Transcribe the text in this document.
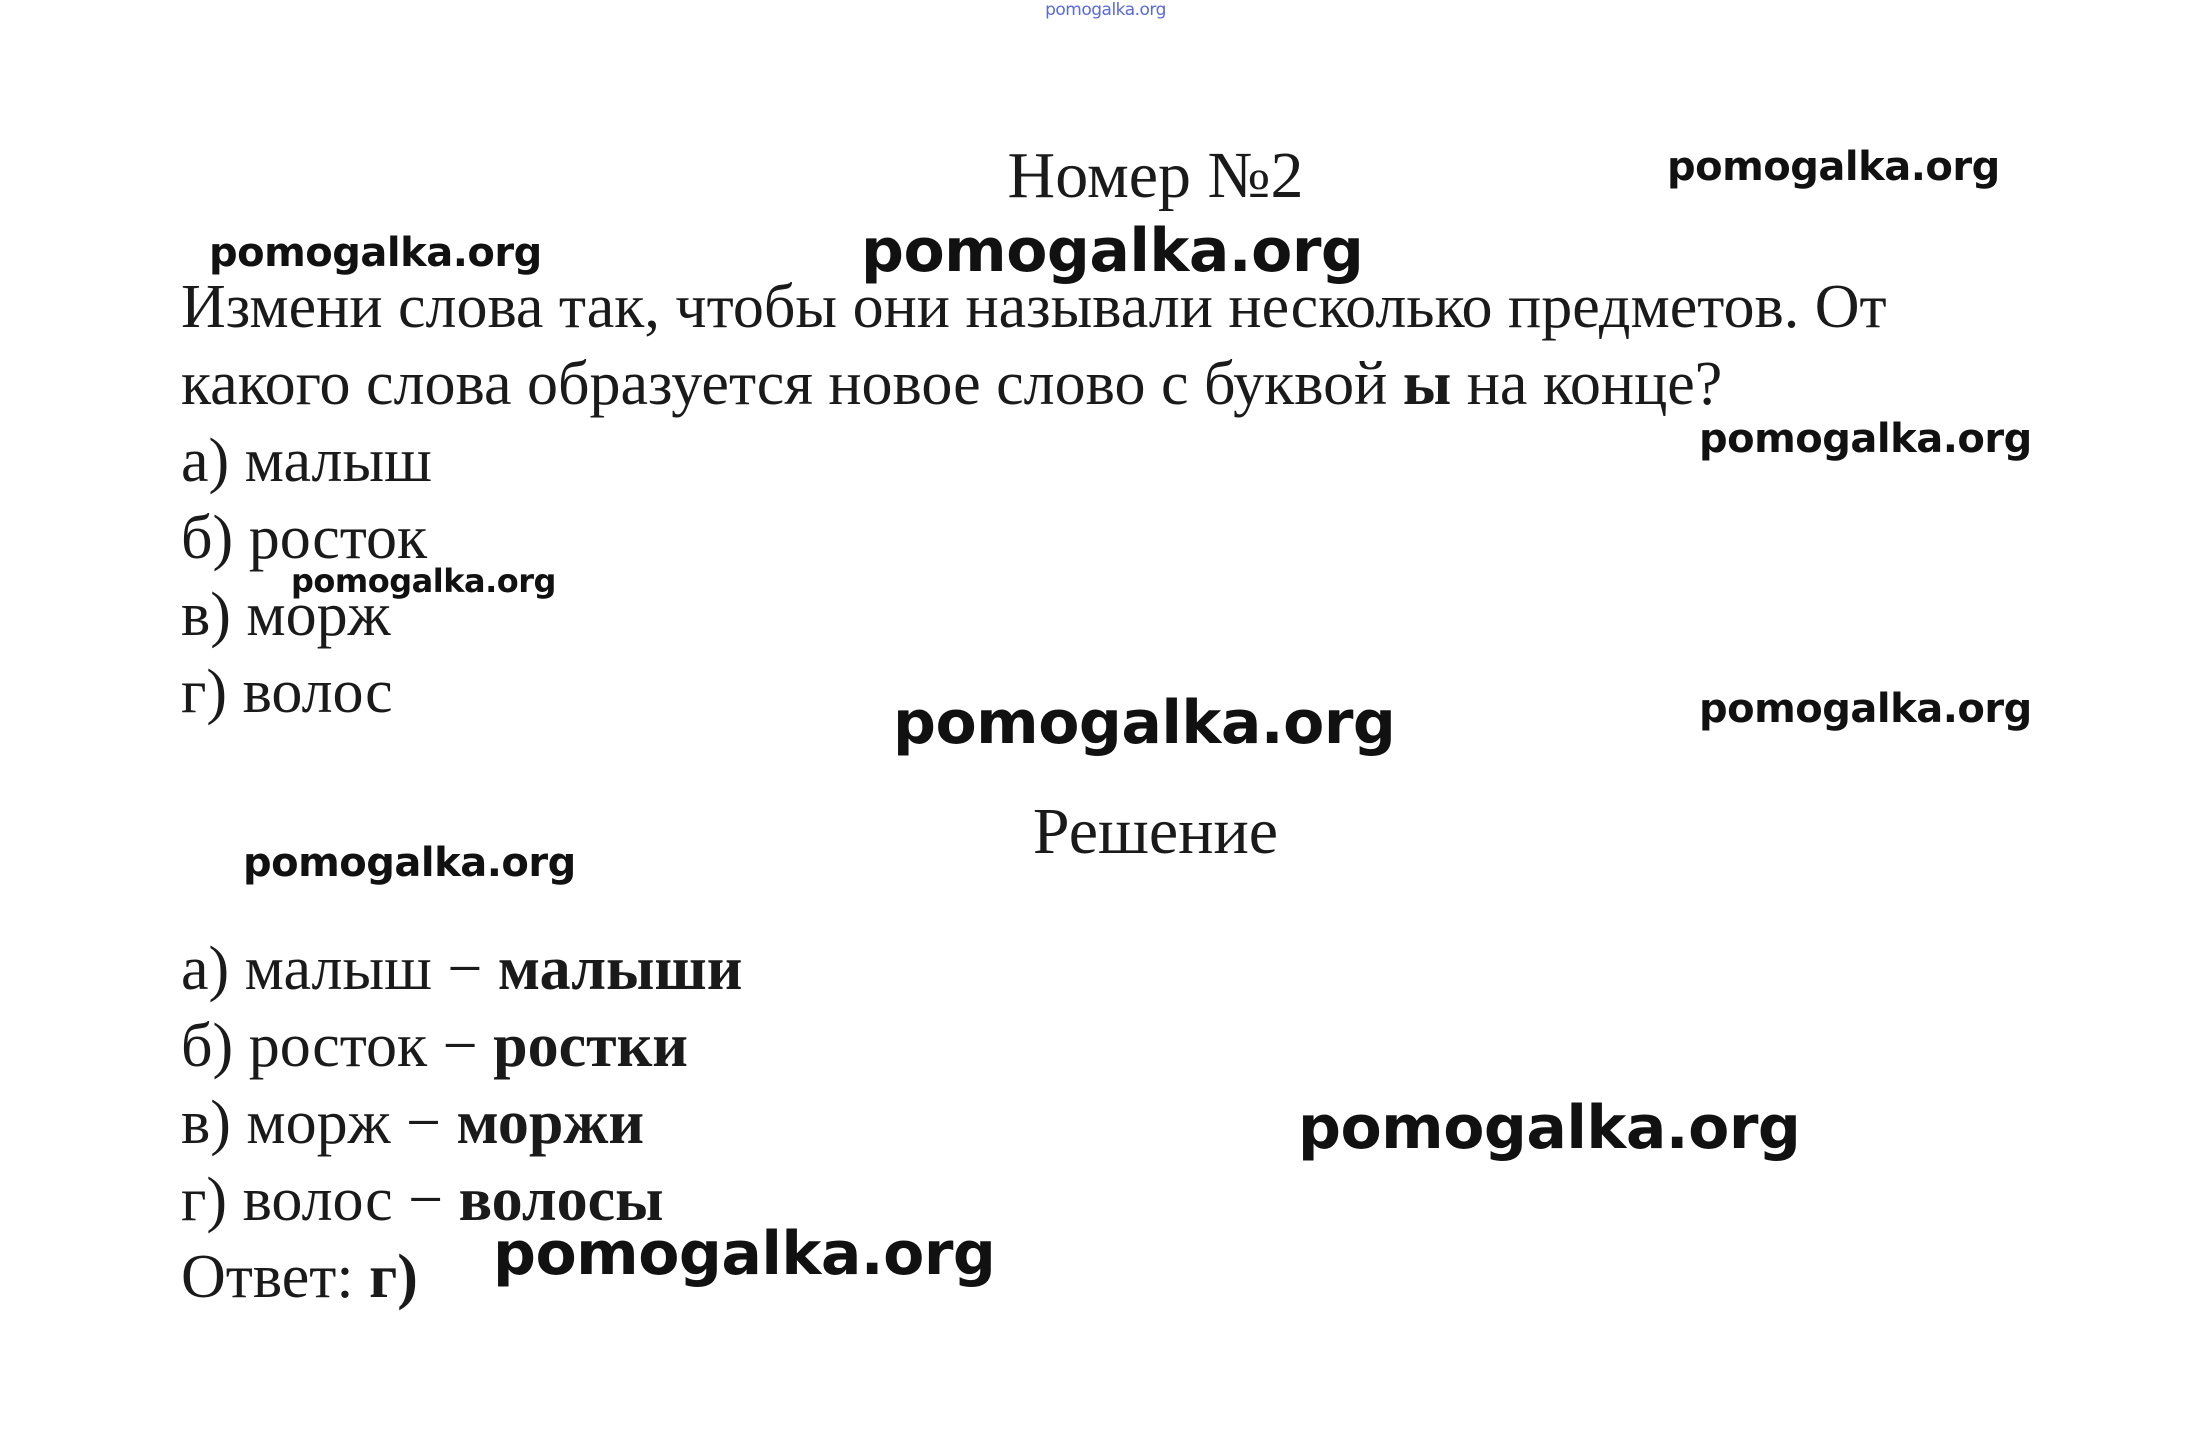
pomogalka.org
Номер №2
Измени слова так, чтобы они называли несколько предметов. От
какого слова образуется новое слово с буквой ы на конце?
а) малыш
б) росток
в) морж
г) волос
Решение
а) малыш − малыши
б) росток − ростки
в) морж − моржи
г) волос − волосы
Ответ: г)
pomogalka.org
pomogalka.org	pomogalka.org
pomogalka.org
pomogalka.org
pomogalka.org	pomogalka.org
pomogalka.org
pomogalka.org
pomogalka.org
